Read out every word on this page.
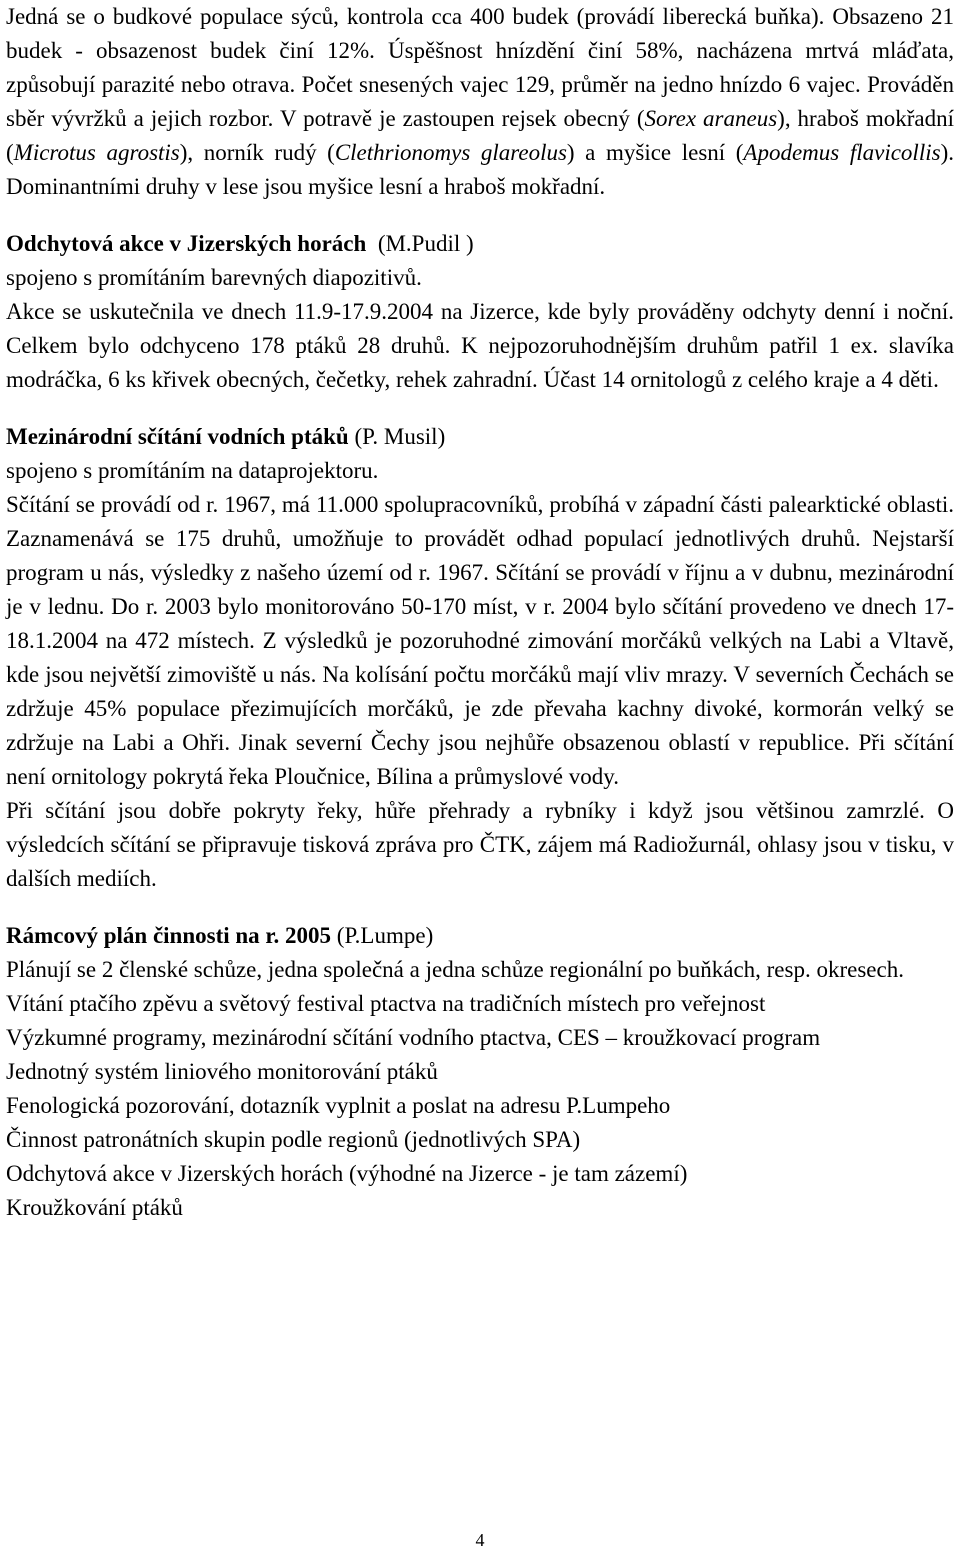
Jedná se o budkové populace sýců, kontrola cca 400 budek (provádí liberecká buňka). Obsazeno 21 budek - obsazenost budek činí 12%. Úspěšnost hnízdění činí 58%, nacházena mrtvá mláďata, způsobují parazité nebo otrava. Počet snesených vajec 129, průměr na jedno hnízdo 6 vajec. Prováděn sběr vývržků a jejich rozbor. V potravě je zastoupen rejsek obecný (Sorex araneus), hraboš mokřadní (Microtus agrostis), norník rudý (Clethrionomys glareolus) a myšice lesní (Apodemus flavicollis). Dominantními druhy v lese jsou myšice lesní a hraboš mokřadní.

Odchytová akce v Jizerských horách (M.Pudil )
spojeno s promítáním barevných diapozitivů.

Akce se uskutečnila ve dnech 11.9-17.9.2004 na Jizerce, kde byly prováděny odchyty denní i noční. Celkem bylo odchyceno 178 ptáků 28 druhů. K nejpozoruhodnějším druhům patřil 1 ex. slavíka modráčka, 6 ks křivek obecných, čečetky, rehek zahradní. Účast 14 ornitologů z celého kraje a 4 děti.

Mezinárodní sčítání vodních ptáků (P. Musil)
spojeno s promítáním na dataprojektoru.

Sčítání se provádí od r. 1967, má 11.000 spolupracovníků, probíhá v západní části palearktické oblasti. Zaznamenává se 175 druhů, umožňuje to provádět odhad populací jednotlivých druhů. Nejstarší program u nás, výsledky z našeho území od r. 1967. Sčítání se provádí v říjnu a v dubnu, mezinárodní je v lednu. Do r. 2003 bylo monitorováno 50-170 míst, v r. 2004 bylo sčítání provedeno ve dnech 17-18.1.2004 na 472 místech. Z výsledků je pozoruhodné zimování morčáků velkých na Labi a Vltavě, kde jsou největší zimoviště u nás. Na kolísání počtu morčáků mají vliv mrazy. V severních Čechách se zdržuje 45% populace přezimujících morčáků, je zde převaha kachny divoké, kormorán velký se zdržuje na Labi a Ohři. Jinak severní Čechy jsou nejhůře obsazenou oblastí v republice. Při sčítání není ornitology pokrytá řeka Ploučnice, Bílina a průmyslové vody.

Při sčítání jsou dobře pokryty řeky, hůře přehrady a rybníky i když jsou většinou zamrzlé. O výsledcích sčítání se připravuje tisková zpráva pro ČTK, zájem má Radiožurnál, ohlasy jsou v tisku, v dalších mediích.

Rámcový plán činnosti na r. 2005 (P.Lumpe)

Plánují se 2 členské schůze, jedna společná a jedna schůze regionální po buňkách, resp. okresech.

Vítání ptačího zpěvu a světový festival ptactva na tradičních místech pro veřejnost

Výzkumné programy, mezinárodní sčítání vodního ptactva, CES – kroužkovací program

Jednotný systém liniového monitorování ptáků

Fenologická pozorování, dotazník vyplnit a poslat na adresu P.Lumpeho

Činnost patronátních skupin podle regionů (jednotlivých SPA)

Odchytová akce v Jizerských horách (výhodné na Jizerce - je tam zázemí)

Kroužkování ptáků

4
